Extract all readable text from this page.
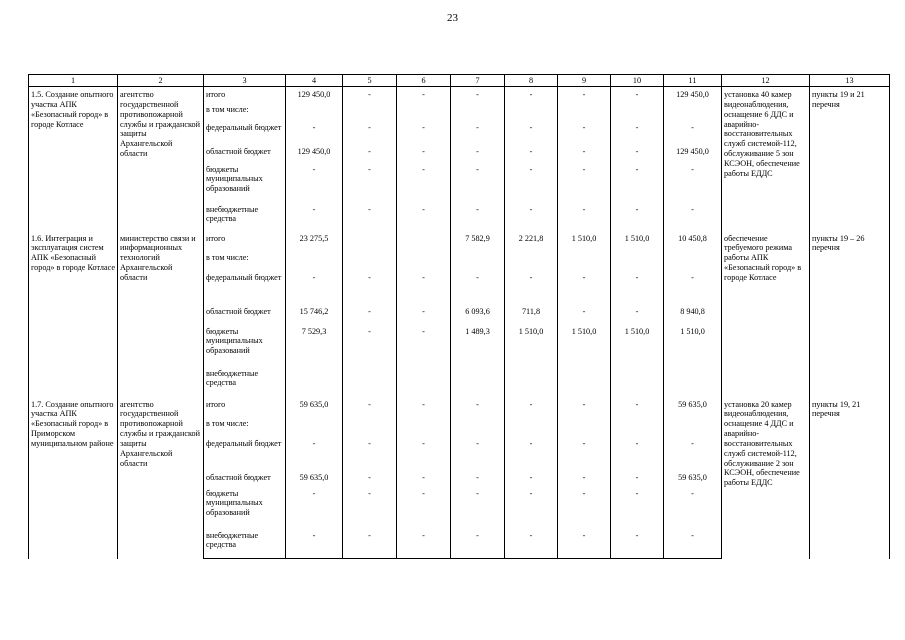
23
1	2	3	4	5	6	7	8	9	10	11	12	13
1.5. Создание опытного участка АПК «Безопасный город» в городе Котласе	агентство государственной противопожарной службы и гражданской защиты Архангельской области	итого	129 450,0	-	-	-	-	-	-	129 450,0	установка 40 камер видеонаблюдения, оснащение 6 ДДС и аварийно-восстановительных служб системой-112, обслуживание 5 зон КСЭОН, обеспечение работы ЕДДС	пункты 19 и 21 перечня
		в том числе:										
		федеральный бюджет	-	-	-	-	-	-	-	-		
		областной бюджет	129 450,0	-	-	-	-	-	-	129 450,0		
		бюджеты муниципальных образований	-	-	-	-	-	-	-	-		
		внебюджетные средства	-	-	-	-	-	-	-	-		
1.6. Интеграция и эксплуатация систем АПК «Безопасный город» в городе Котласе	министерство связи и информационных технологий Архангельской области	итого	23 275,5			7 582,9	2 221,8	1 510,0	1 510,0	10 450,8	обеспечение требуемого режима работы АПК «Безопасный город» в городе Котласе	пункты 19 – 26 перечня
		в том числе:										
		федеральный бюджет	-	-	-	-	-	-	-	-		
		областной бюджет	15 746,2	-	-	6 093,6	711,8	-	-	8 940,8		
		бюджеты муниципальных образований	7 529,3	-	-	1 489,3	1 510,0	1 510,0	1 510,0	1 510,0		
		внебюджетные средства										
1.7. Создание опытного участка АПК «Безопасный город» в Приморском муниципальном районе	агентство государственной противопожарной службы и гражданской защиты Архангельской области	итого	59 635,0	-	-	-	-	-	-	59 635,0	установка 20 камер видеонаблюдения, оснащение 4 ДДС и аварийно-восстановительных служб системой-112, обслуживание 2 зон КСЭОН, обеспечение работы ЕДДС	пункты 19, 21 перечня
		в том числе:										
		федеральный бюджет	-	-	-	-	-	-	-	-		
		областной бюджет	59 635,0	-	-	-	-	-	-	59 635,0		
		бюджеты муниципальных образований	-	-	-	-	-	-	-	-		
		внебюджетные средства	-	-	-	-	-	-	-	-		
